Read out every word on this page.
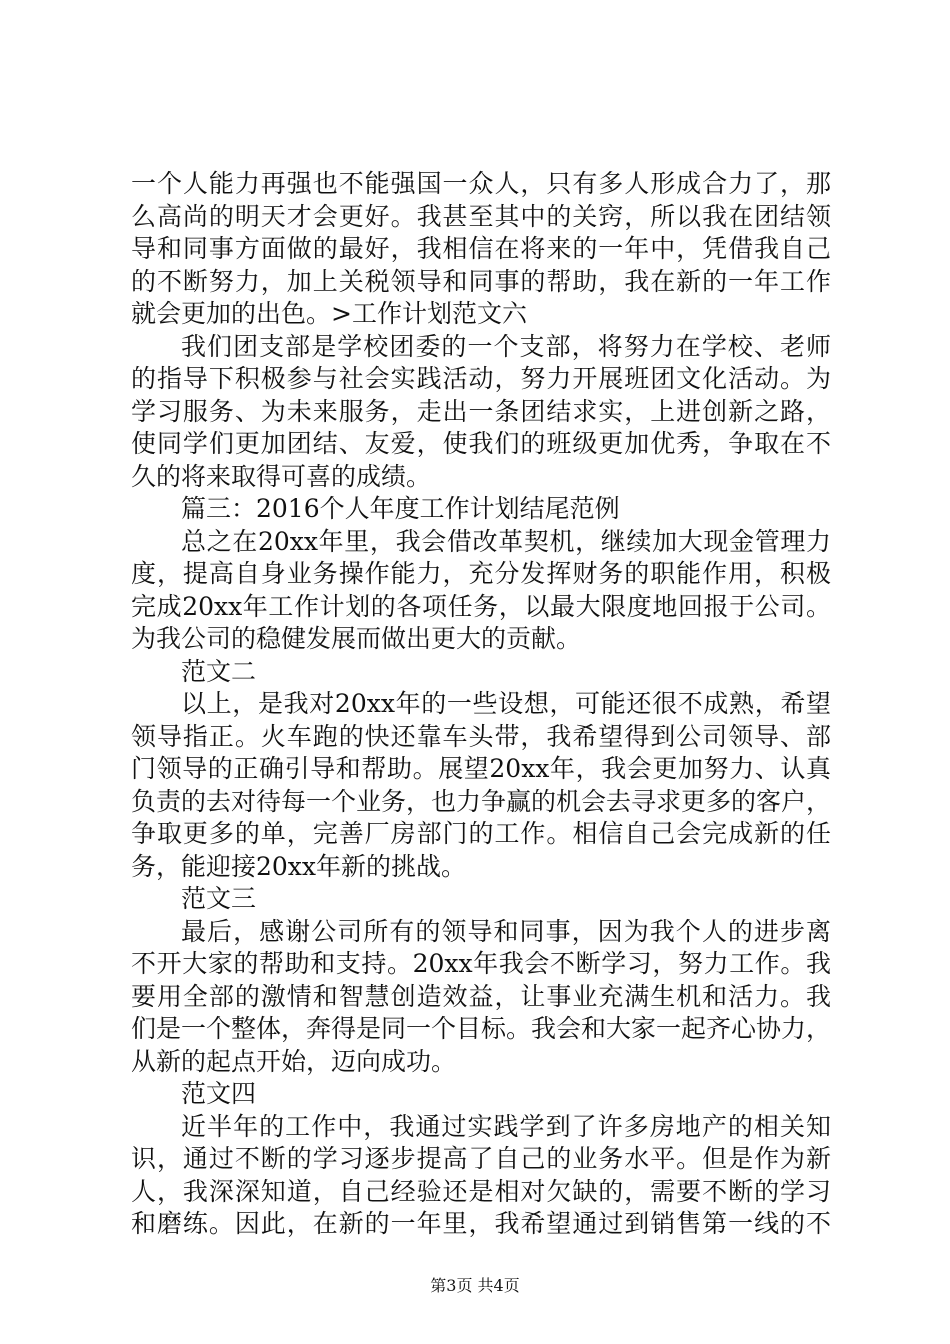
一个人能力再强也不能强国一众人，只有多人形成合力了，那
么高尚的明天才会更好。我甚至其中的关窍，所以我在团结领
导和同事方面做的最好，我相信在将来的一年中，凭借我自己
的不断努力，加上关税领导和同事的帮助，我在新的一年工作
就会更加的出色。>工作计划范文六
我们团支部是学校团委的一个支部，将努力在学校、老师
的指导下积极参与社会实践活动，努力开展班团文化活动。为
学习服务、为未来服务，走出一条团结求实，上进创新之路，
使同学们更加团结、友爱，使我们的班级更加优秀，争取在不
久的将来取得可喜的成绩。
篇三：2016个人年度工作计划结尾范例
总之在20xx年里，我会借改革契机，继续加大现金管理力
度，提高自身业务操作能力，充分发挥财务的职能作用，积极
完成20xx年工作计划的各项任务，以最大限度地回报于公司。
为我公司的稳健发展而做出更大的贡献。
范文二
以上，是我对20xx年的一些设想，可能还很不成熟，希望
领导指正。火车跑的快还靠车头带，我希望得到公司领导、部
门领导的正确引导和帮助。展望20xx年，我会更加努力、认真
负责的去对待每一个业务，也力争赢的机会去寻求更多的客户，
争取更多的单，完善厂房部门的工作。相信自己会完成新的任
务，能迎接20xx年新的挑战。
范文三
最后，感谢公司所有的领导和同事，因为我个人的进步离
不开大家的帮助和支持。20xx年我会不断学习，努力工作。我
要用全部的激情和智慧创造效益，让事业充满生机和活力。我
们是一个整体，奔得是同一个目标。我会和大家一起齐心协力，
从新的起点开始，迈向成功。
范文四
近半年的工作中，我通过实践学到了许多房地产的相关知
识，通过不断的学习逐步提高了自己的业务水平。但是作为新
人，我深深知道，自己经验还是相对欠缺的，需要不断的学习
和磨练。因此，在新的一年里，我希望通过到销售第一线的不
第3页 共4页
